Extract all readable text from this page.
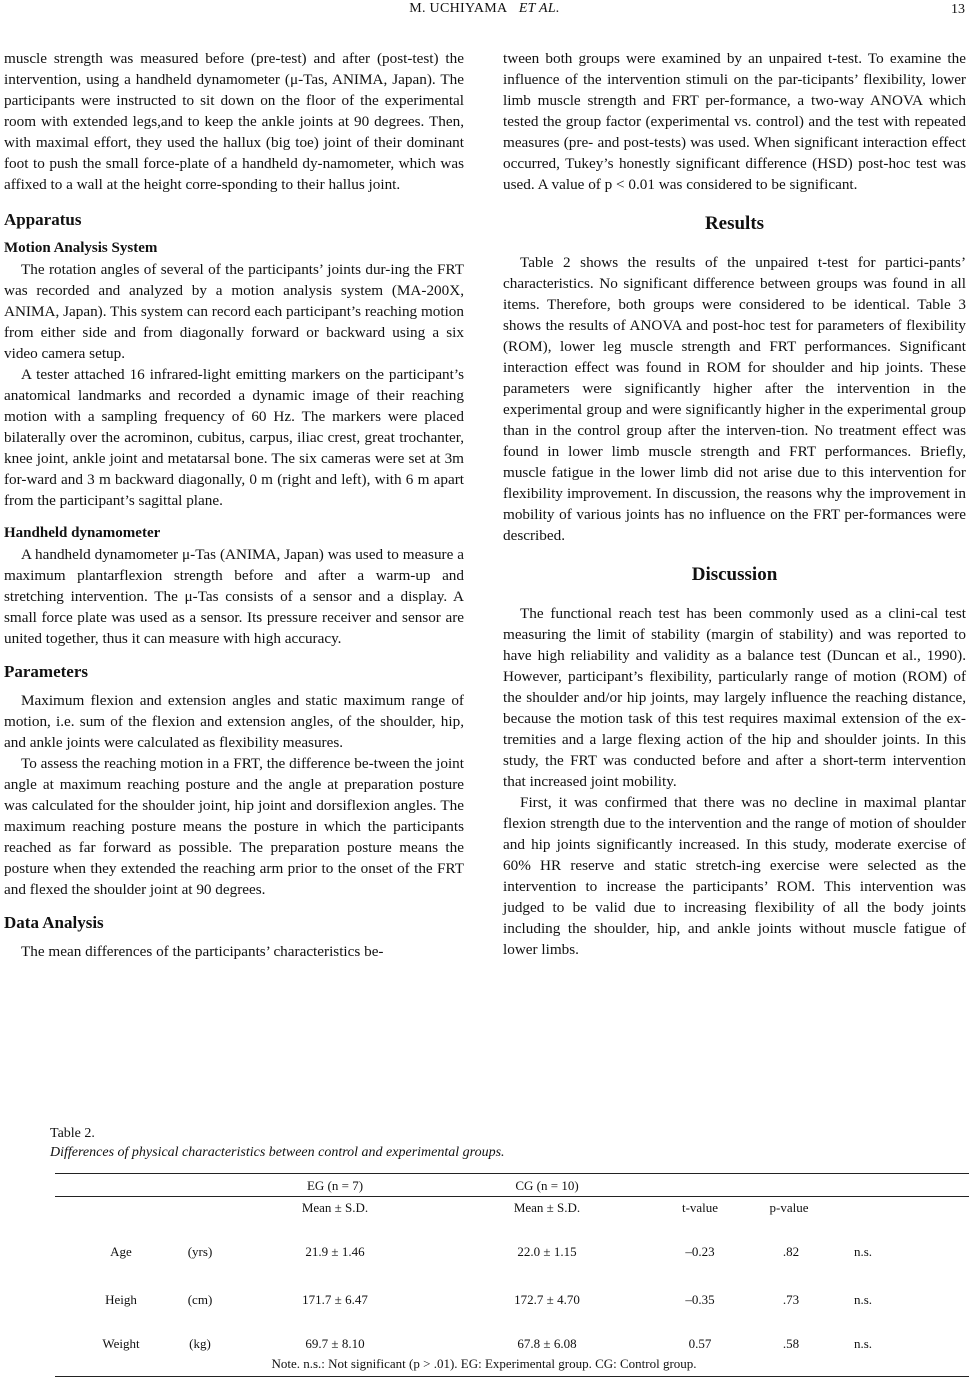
M. UCHIYAMA ET AL.	13

muscle strength was measured before (pre-test) and after (post-test) the intervention, using a handheld dynamometer (μ-Tas, ANIMA, Japan). The participants were instructed to sit down on the floor of the experimental room with extended legs,and to keep the ankle joints at 90 degrees. Then, with maximal effort, they used the hallux (big toe) joint of their dominant foot to push the small force-plate of a handheld dy-namometer, which was affixed to a wall at the height corre-sponding to their hallus joint.

Apparatus
Motion Analysis System

The rotation angles of several of the participants’ joints dur-ing the FRT was recorded and analyzed by a motion analysis system (MA-200X, ANIMA, Japan). This system can record each participant’s reaching motion from either side and from diagonally forward or backward using a six video camera setup.

A tester attached 16 infrared-light emitting markers on the participant’s anatomical landmarks and recorded a dynamic image of their reaching motion with a sampling frequency of 60 Hz. The markers were placed bilaterally over the acrominon, cubitus, carpus, iliac crest, great trochanter, knee joint, ankle joint and metatarsal bone. The six cameras were set at 3m for-ward and 3 m backward diagonally, 0 m (right and left), with 6 m apart from the participant’s sagittal plane.

Handheld dynamometer

A handheld dynamometer μ-Tas (ANIMA, Japan) was used to measure a maximum plantarflexion strength before and after a warm-up and stretching intervention. The μ-Tas consists of a sensor and a display. A small force plate was used as a sensor. Its pressure receiver and sensor are united together, thus it can measure with high accuracy.

Parameters

Maximum flexion and extension angles and static maximum range of motion, i.e. sum of the flexion and extension angles, of the shoulder, hip, and ankle joints were calculated as flexibility measures.

To assess the reaching motion in a FRT, the difference be-tween the joint angle at maximum reaching posture and the angle at preparation posture was calculated for the shoulder joint, hip joint and dorsiflexion angles. The maximum reaching posture means the posture in which the participants reached as far forward as possible. The preparation posture means the posture when they extended the reaching arm prior to the onset of the FRT and flexed the shoulder joint at 90 degrees.

Data Analysis

The mean differences of the participants’ characteristics be-

tween both groups were examined by an unpaired t-test. To examine the influence of the intervention stimuli on the par-ticipants’ flexibility, lower limb muscle strength and FRT per-formance, a two-way ANOVA which tested the group factor (experimental vs. control) and the test with repeated measures (pre- and post-tests) was used. When significant interaction effect occurred, Tukey’s honestly significant difference (HSD) post-hoc test was used. A value of p < 0.01 was considered to be significant.

Results

Table 2 shows the results of the unpaired t-test for partici-pants’ characteristics. No significant difference between groups was found in all items. Therefore, both groups were considered to be identical. Table 3 shows the results of ANOVA and post-hoc test for parameters of flexibility (ROM), lower leg muscle strength and FRT performances. Significant interaction effect was found in ROM for shoulder and hip joints. These parameters were significantly higher after the intervention in the experimental group and were significantly higher in the experimental group than in the control group after the interven-tion. No treatment effect was found in lower limb muscle strength and FRT performances. Briefly, muscle fatigue in the lower limb did not arise due to this intervention for flexibility improvement. In discussion, the reasons why the improvement in mobility of various joints has no influence on the FRT per-formances were described.

Discussion

The functional reach test has been commonly used as a clini-cal test measuring the limit of stability (margin of stability) and was reported to have high reliability and validity as a balance test (Duncan et al., 1990). However, participant’s flexibility, particularly range of motion (ROM) of the shoulder and/or hip joints, may largely influence the reaching distance, because the motion task of this test requires maximal extension of the ex-tremities and a large flexing action of the hip and shoulder joints. In this study, the FRT was conducted before and after a short-term intervention that increased joint mobility.

First, it was confirmed that there was no decline in maximal plantar flexion strength due to the intervention and the range of motion of shoulder and hip joints significantly increased. In this study, moderate exercise of 60% HR reserve and static stretch-ing exercise were selected as the intervention to increase the participants’ ROM. This intervention was judged to be valid due to increasing flexibility of all the body joints including the shoulder, hip, and ankle joints without muscle fatigue of lower limbs.

Table 2.
Differences of physical characteristics between control and experimental groups.
EG (n = 7)	CG (n = 10)
Mean ± S.D.	Mean ± S.D.	t-value	p-value
Age	(yrs)	21.9 ± 1.46	22.0 ± 1.15	–0.23	.82	n.s.
Heigh	(cm)	171.7 ± 6.47	172.7 ± 4.70	–0.35	.73	n.s.
Weight	(kg)	69.7 ± 8.10	67.8 ± 6.08	0.57	.58	n.s.
Note. n.s.: Not significant (p > .01). EG: Experimental group. CG: Control group.
